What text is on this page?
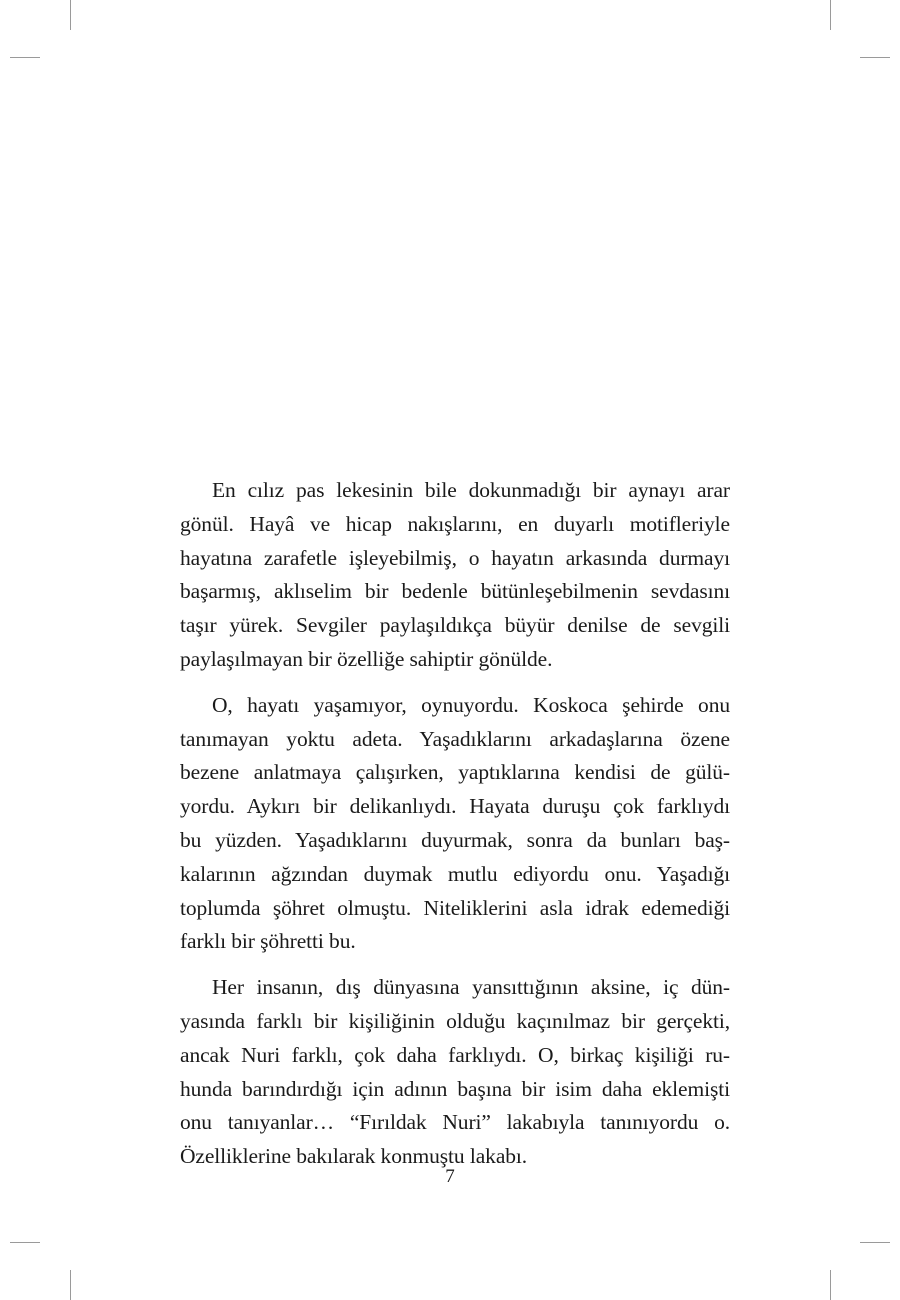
En cılız pas lekesinin bile dokunmadığı bir aynayı arar
gönül. Hayâ ve hicap nakışlarını, en duyarlı motifleriyle
hayatına zarafetle işleyebilmiş, o hayatın arkasında durmayı
başarmış, aklıselim bir bedenle bütünleşebilmenin sevdasını
taşır yürek. Sevgiler paylaşıldıkça büyür denilse de sevgili
paylaşılmayan bir özelliğe sahiptir gönülde.

O, hayatı yaşamıyor, oynuyordu. Koskoca şehirde onu
tanımayan yoktu adeta. Yaşadıklarını arkadaşlarına özene
bezene anlatmaya çalışırken, yaptıklarına kendisi de gülü-
yordu. Aykırı bir delikanlıydı. Hayata duruşu çok farklıydı
bu yüzden. Yaşadıklarını duyurmak, sonra da bunları baş-
kalarının ağzından duymak mutlu ediyordu onu. Yaşadığı
toplumda şöhret olmuştu. Niteliklerini asla idrak edemediği
farklı bir şöhretti bu.

Her insanın, dış dünyasına yansıttığının aksine, iç dün-
yasında farklı bir kişiliğinin olduğu kaçınılmaz bir gerçekti,
ancak Nuri farklı, çok daha farklıydı. O, birkaç kişiliği ru-
hunda barındırdığı için adının başına bir isim daha eklemişti
onu tanıyanlar… “Fırıldak Nuri” lakabıyla tanınıyordu o.
Özelliklerine bakılarak konmuştu lakabı.

7
